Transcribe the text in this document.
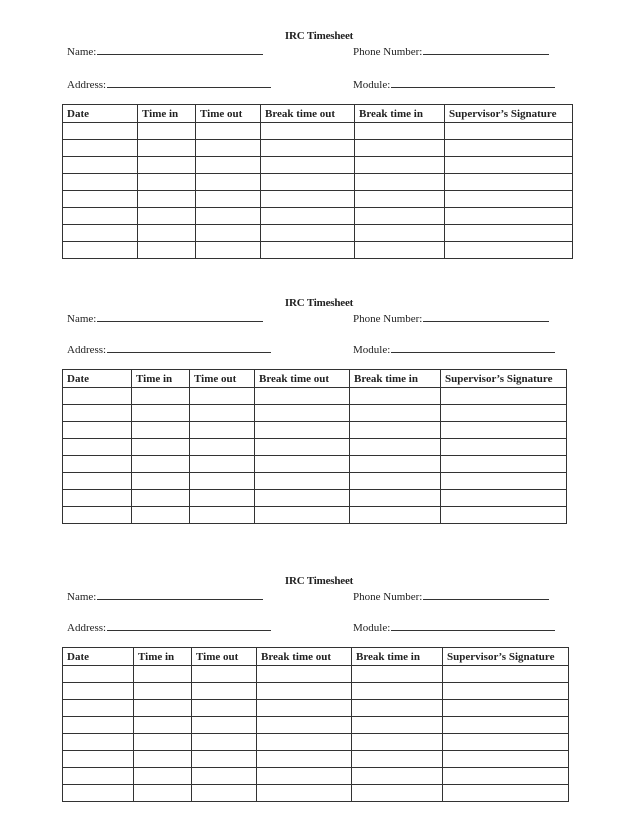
IRC Timesheet
Name:	Phone Number:
Address:	Module:
Date	Time in	Time out	Break time out	Break time in	Supervisor’s Signature

IRC Timesheet
Name:	Phone Number:
Address:	Module:
Date	Time in	Time out	Break time out	Break time in	Supervisor’s Signature

IRC Timesheet
Name:	Phone Number:
Address:	Module:
Date	Time in	Time out	Break time out	Break time in	Supervisor’s Signature
